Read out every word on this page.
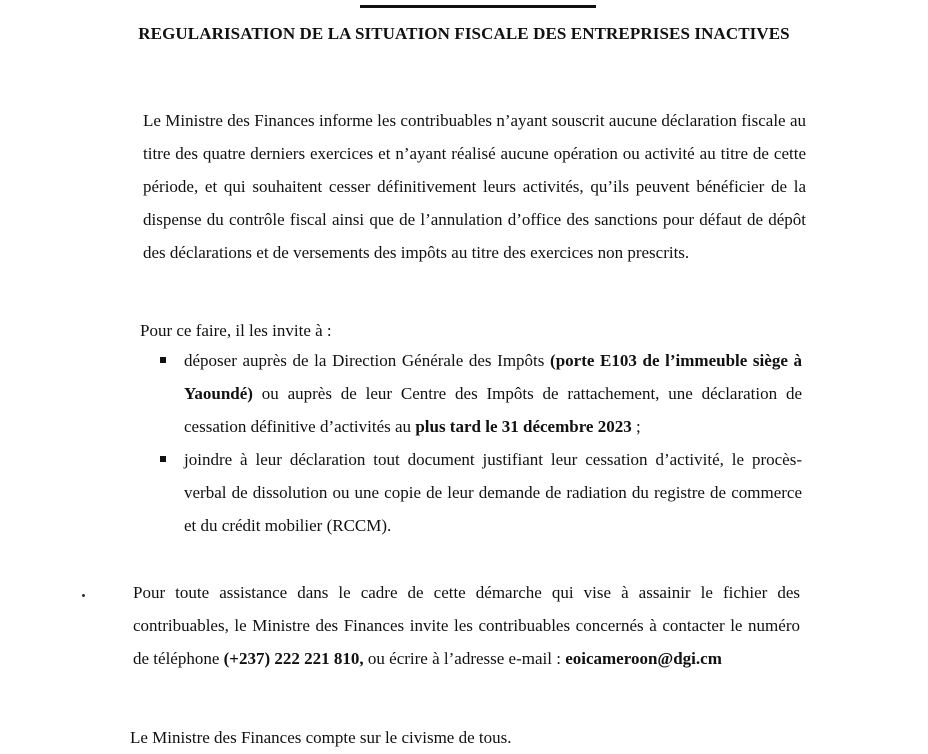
REGULARISATION DE LA SITUATION FISCALE DES ENTREPRISES INACTIVES

Le Ministre des Finances informe les contribuables n’ayant souscrit aucune déclaration fiscale au titre des quatre derniers exercices et n’ayant réalisé aucune opération ou activité au titre de cette période, et qui souhaitent cesser définitivement leurs activités, qu’ils peuvent bénéficier de la dispense du contrôle fiscal ainsi que de l’annulation d’office des sanctions pour défaut de dépôt des déclarations et de versements des impôts au titre des exercices non prescrits.

Pour ce faire, il les invite à :

déposer auprès de la Direction Générale des Impôts (porte E103 de l’immeuble siège à Yaoundé) ou auprès de leur Centre des Impôts de rattachement, une déclaration de cessation définitive d’activités au plus tard le 31 décembre 2023 ;
joindre à leur déclaration tout document justifiant leur cessation d’activité, le procès-verbal de dissolution ou une copie de leur demande de radiation du registre de commerce et du crédit mobilier (RCCM).

Pour toute assistance dans le cadre de cette démarche qui vise à assainir le fichier des contribuables, le Ministre des Finances invite les contribuables concernés à contacter le numéro de téléphone (+237) 222 221 810, ou écrire à l’adresse e-mail : eoicameroon@dgi.cm

Le Ministre des Finances compte sur le civisme de tous.
